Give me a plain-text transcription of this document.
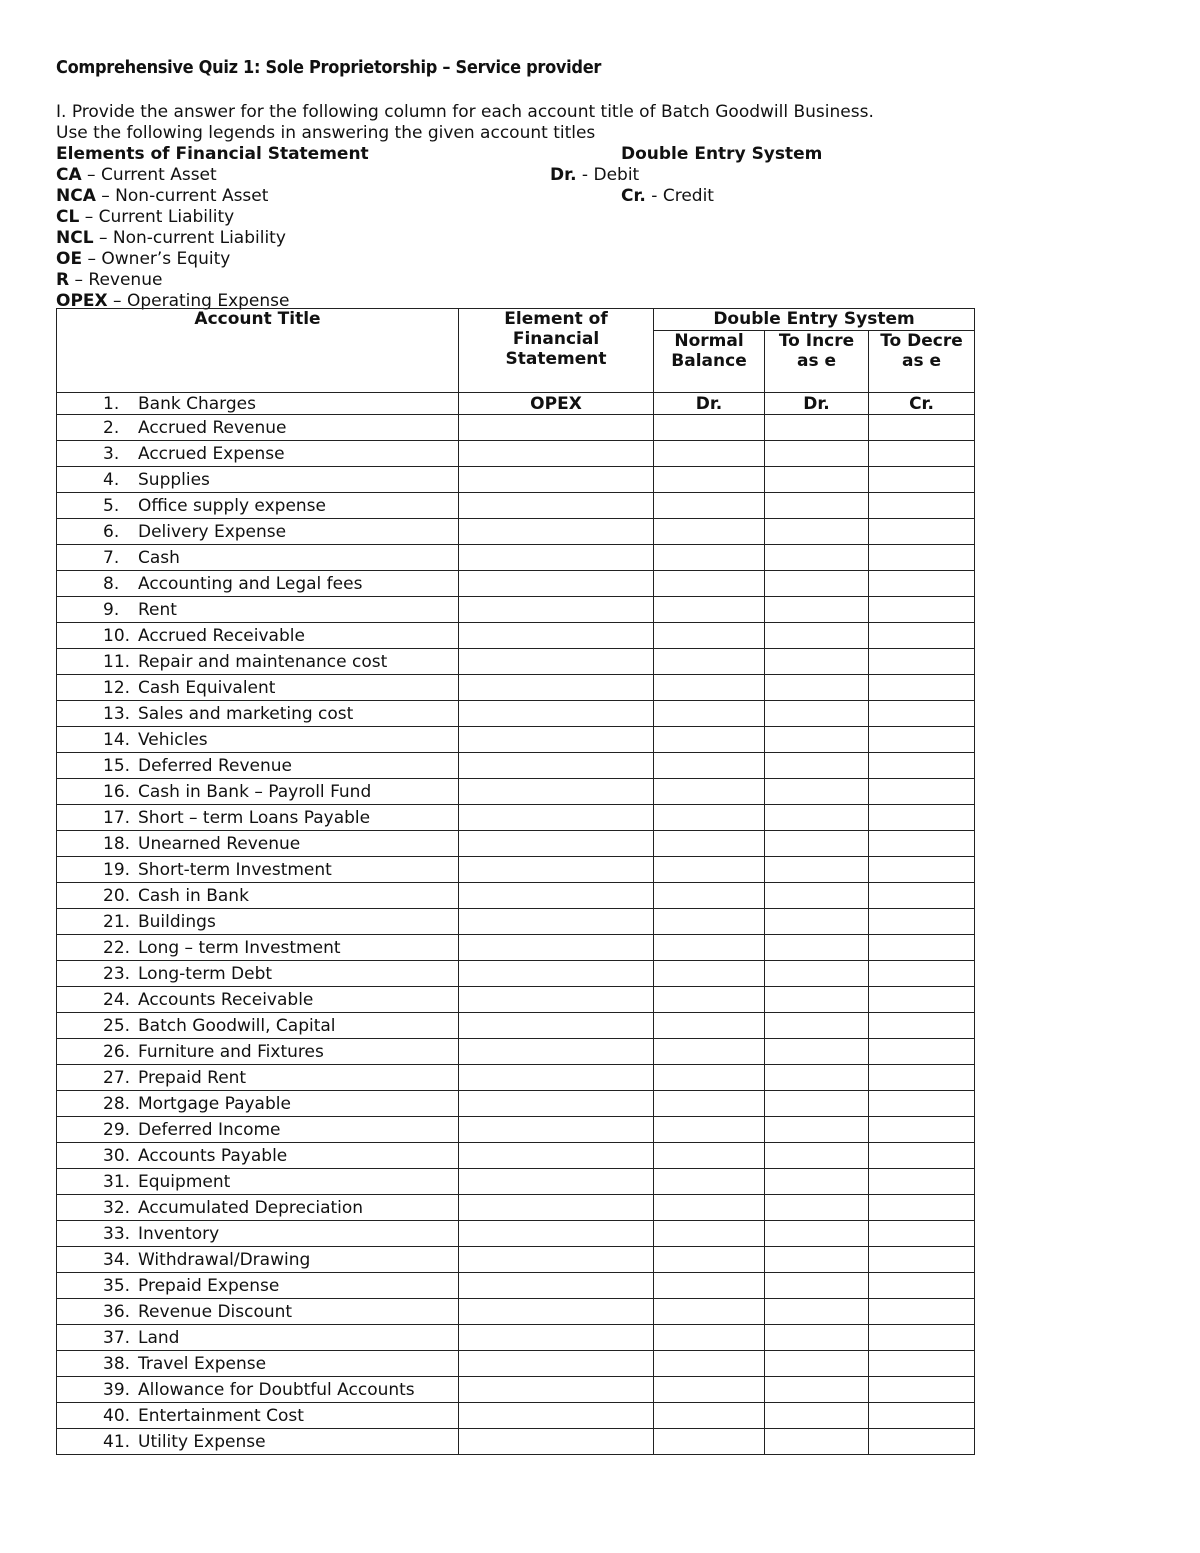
Comprehensive Quiz 1: Sole Proprietorship – Service provider
I. Provide the answer for the following column for each account title of Batch Goodwill Business.
Use the following legends in answering the given account titles
Elements of Financial Statement	Double Entry System
CA – Current Asset	Dr. - Debit
NCA – Non-current Asset	Cr. - Credit
CL – Current Liability
NCL – Non-current Liability
OE – Owner’s Equity
R – Revenue
OPEX – Operating Expense
Account Title	Element of Financial Statement	Double Entry System		
		Normal Balance	To Increas e	To Decreas e
1. Bank Charges	OPEX	Dr.	Dr.	Cr.
2. Accrued Revenue				
3. Accrued Expense				
4. Supplies				
5. Office supply expense				
6. Delivery Expense				
7. Cash				
8. Accounting and Legal fees				
9. Rent				
10. Accrued Receivable				
11. Repair and maintenance cost				
12. Cash Equivalent				
13. Sales and marketing cost				
14. Vehicles				
15. Deferred Revenue				
16. Cash in Bank – Payroll Fund				
17. Short – term Loans Payable				
18. Unearned Revenue				
19. Short-term Investment				
20. Cash in Bank				
21. Buildings				
22. Long – term Investment				
23. Long-term Debt				
24. Accounts Receivable				
25. Batch Goodwill, Capital				
26. Furniture and Fixtures				
27. Prepaid Rent				
28. Mortgage Payable				
29. Deferred Income				
30. Accounts Payable				
31. Equipment				
32. Accumulated Depreciation				
33. Inventory				
34. Withdrawal/Drawing				
35. Prepaid Expense				
36. Revenue Discount				
37. Land				
38. Travel Expense				
39. Allowance for Doubtful Accounts				
40. Entertainment Cost				
41. Utility Expense				
